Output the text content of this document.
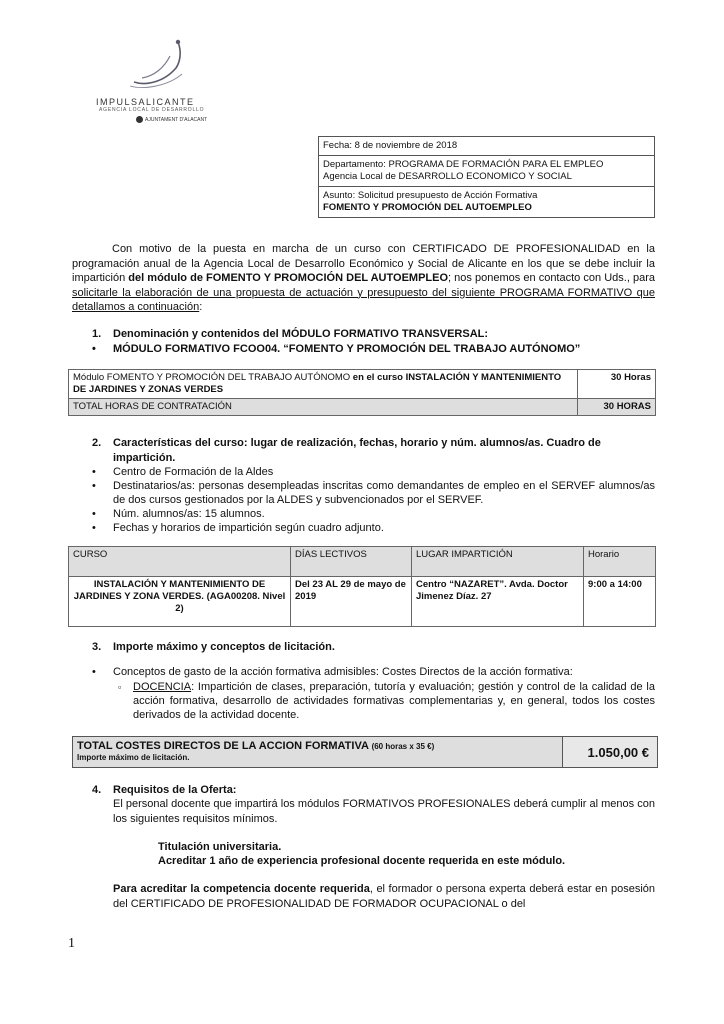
IMPULSALICANTE
AGENCIA LOCAL DE DESARROLLO
AJUNTAMENT D'ALACANT
Fecha: 8 de noviembre de 2018

Departamento: PROGRAMA DE FORMACIÓN PARA EL EMPLEO
Agencia Local de DESARROLLO ECONOMICO Y SOCIAL

Asunto: Solicitud presupuesto de Acción Formativa
FOMENTO Y PROMOCIÓN DEL AUTOEMPLEO
Con motivo de la puesta en marcha de un curso con CERTIFICADO DE PROFESIONALIDAD en la programación anual de la Agencia Local de Desarrollo Económico y Social de Alicante en los que se debe incluir la impartición del módulo de FOMENTO Y PROMOCIÓN DEL AUTOEMPLEO; nos ponemos en contacto con Uds., para solicitarle la elaboración de una propuesta de actuación y presupuesto del siguiente PROGRAMA FORMATIVO que detallamos a continuación:
1. Denominación y contenidos del MÓDULO FORMATIVO TRANSVERSAL:
• MÓDULO FORMATIVO FCOO04. “FOMENTO Y PROMOCIÓN DEL TRABAJO AUTÓNOMO”
Módulo FOMENTO Y PROMOCIÓN DEL TRABAJO AUTÓNOMO en el curso INSTALACIÓN Y MANTENIMIENTO DE JARDINES Y ZONAS VERDES	30 Horas
TOTAL HORAS DE CONTRATACIÓN	30 HORAS
2. Características del curso: lugar de realización, fechas, horario y núm. alumnos/as. Cuadro de impartición.
• Centro de Formación de la Aldes
• Destinatarios/as: personas desempleadas inscritas como demandantes de empleo en el SERVEF alumnos/as de dos cursos gestionados por la ALDES y subvencionados por el SERVEF.
• Núm. alumnos/as: 15 alumnos.
• Fechas y horarios de impartición según cuadro adjunto.
CURSO	DÍAS LECTIVOS	LUGAR IMPARTICIÓN	Horario
INSTALACIÓN Y MANTENIMIENTO DE JARDINES Y ZONA VERDES. (AGA00208. Nivel 2)	Del 23 AL 29 de mayo de 2019	Centro “NAZARET”. Avda. Doctor Jimenez Díaz. 27	9:00 a 14:00
3. Importe máximo y conceptos de licitación.
• Conceptos de gasto de la acción formativa admisibles: Costes Directos de la acción formativa:
▫ DOCENCIA: Impartición de clases, preparación, tutoría y evaluación; gestión y control de la calidad de la acción formativa, desarrollo de actividades formativas complementarias y, en general, todos los costes derivados de la actividad docente.
TOTAL COSTES DIRECTOS DE LA ACCION FORMATIVA (60 horas x 35 €)
Importe máximo de licitación.	1.050,00 €
4. Requisitos de la Oferta:
El personal docente que impartirá los módulos FORMATIVOS PROFESIONALES deberá cumplir al menos con los siguientes requisitos mínimos.
Titulación universitaria.
Acreditar 1 año de experiencia profesional docente requerida en este módulo.
Para acreditar la competencia docente requerida, el formador o persona experta deberá estar en posesión del CERTIFICADO DE PROFESIONALIDAD DE FORMADOR OCUPACIONAL o del
1
